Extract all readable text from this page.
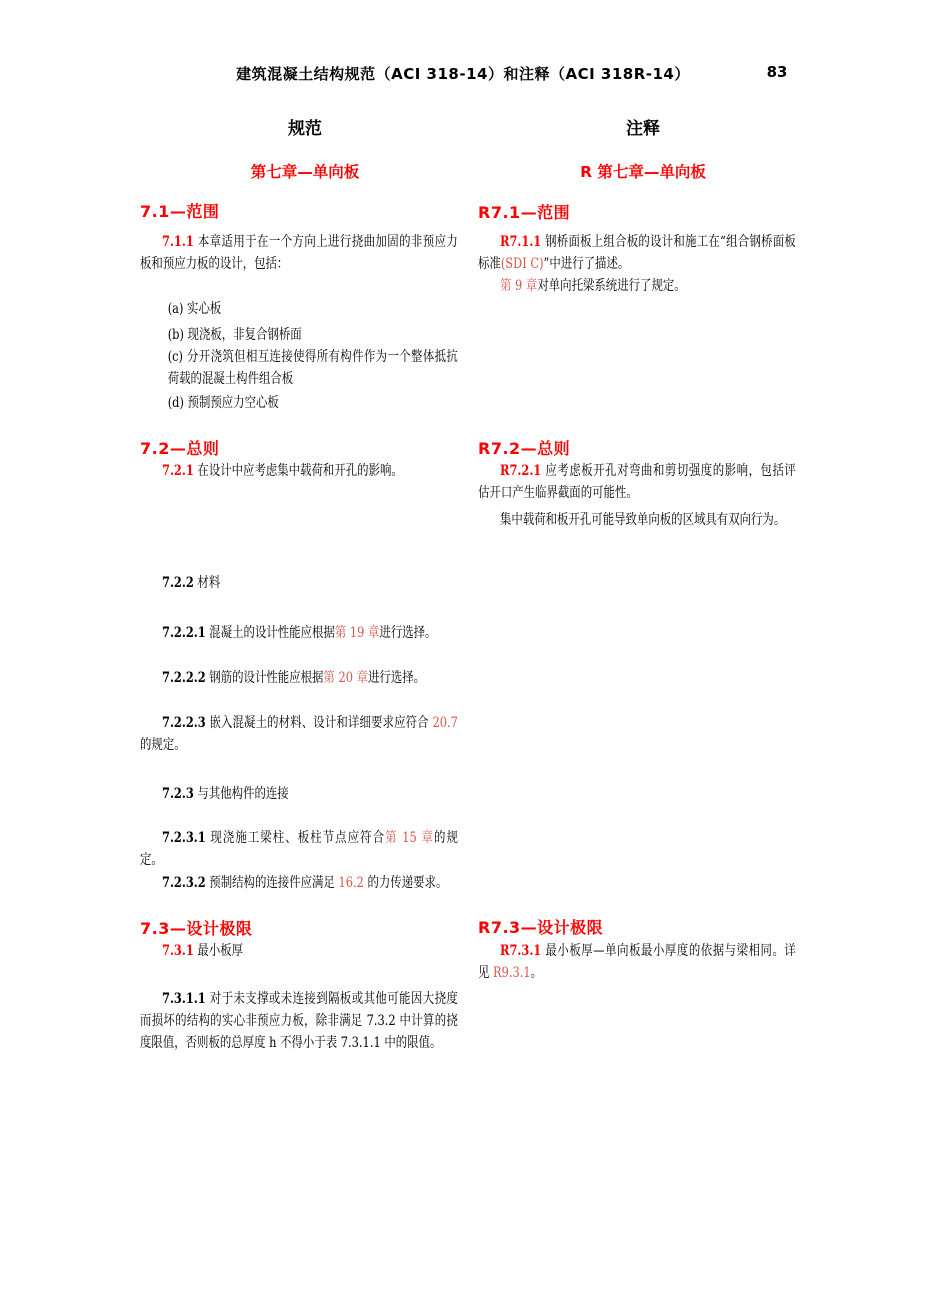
建筑混凝土结构规范（ACI 318-14）和注释（ACI 318R-14）	83
规范	注释
第七章—单向板	R 第七章—单向板
7.1—范围
7.1.1 本章适用于在一个方向上进行挠曲加固的非预应力板和预应力板的设计，包括：
(a) 实心板
(b) 现浇板，非复合钢桥面
(c) 分开浇筑但相互连接使得所有构件作为一个整体抵抗荷载的混凝土构件组合板
(d) 预制预应力空心板
7.2—总则
7.2.1 在设计中应考虑集中载荷和开孔的影响。
7.2.2 材料
7.2.2.1 混凝土的设计性能应根据第 19 章进行选择。
7.2.2.2 钢筋的设计性能应根据第 20 章进行选择。
7.2.2.3 嵌入混凝土的材料、设计和详细要求应符合 20.7 的规定。
7.2.3 与其他构件的连接
7.2.3.1 现浇施工梁柱、板柱节点应符合第 15 章的规定。
7.2.3.2 预制结构的连接件应满足 16.2 的力传递要求。
7.3—设计极限
7.3.1 最小板厚
7.3.1.1 对于未支撑或未连接到隔板或其他可能因大挠度而损坏的结构的实心非预应力板，除非满足 7.3.2 中计算的挠度限值，否则板的总厚度 h 不得小于表 7.3.1.1 中的限值。
R7.1—范围
R7.1.1 钢桥面板上组合板的设计和施工在“组合钢桥面板标准(SDI C)”中进行了描述。
第 9 章对单向托梁系统进行了规定。
R7.2—总则
R7.2.1 应考虑板开孔对弯曲和剪切强度的影响，包括评估开口产生临界截面的可能性。
集中载荷和板开孔可能导致单向板的区域具有双向行为。
R7.3—设计极限
R7.3.1 最小板厚—单向板最小厚度的依据与梁相同。详见 R9.3.1。
